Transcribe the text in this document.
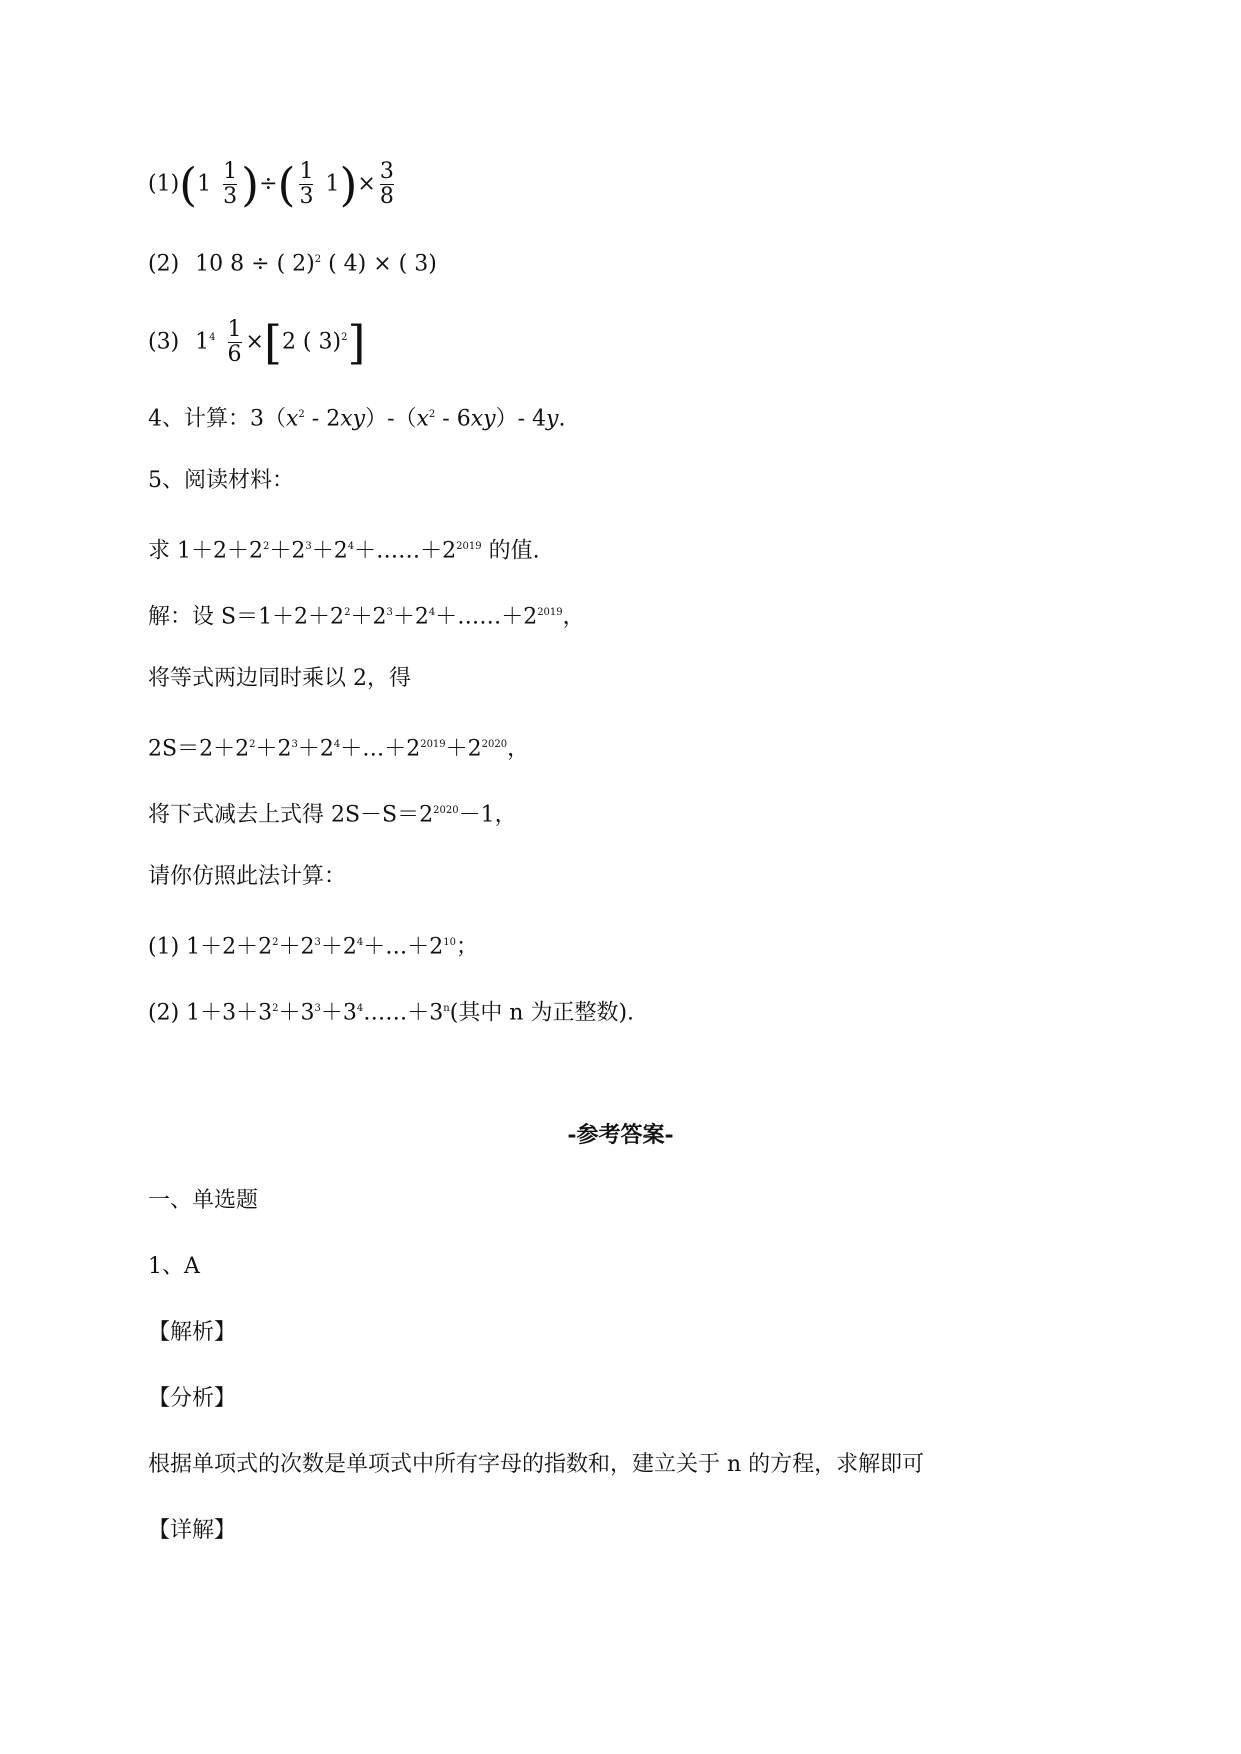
$(1)(1 \frac{1}{3}$ )÷( $\frac{1}{3} 1)\times \frac{3}{8}$
(2) 10 8 ÷ ( 2)$^2$ ( 4) × ( 3)
(3) $1^4 \frac{1}{6} \times[2$ ( 3)$^2$]
4、计算：$3(x^2 - 2xy)-(x^2 - 6xy)-$ 4y.
5、阅读材料：
求 $1+2+2^2+2^3+2^4+\dots\dots+2^{2019}$ 的值.
解：设 $S=1+2+2^2+2^3+2^4+\dots\dots+2^{2019}$，
将等式两边同时乘以 2，得
$2S=2+2^2+2^3+2^4+\dots+2^{2019}+2^{2020}$，
将下式减去上式得 $2S-S=2^{2020}-1$，
请你仿照此法计算：
(1) $1+2+2^2+2^3+2^4+\dots+2^{10}$；
(2) $1+3+3^2+3^3+3^4\dots\dots+3^n$(其中 n 为正整数).
-参考答案-
一、单选题
1、A
【解析】
【分析】
根据单项式的次数是单项式中所有字母的指数和，建立关于 n 的方程，求解即可
【详解】
